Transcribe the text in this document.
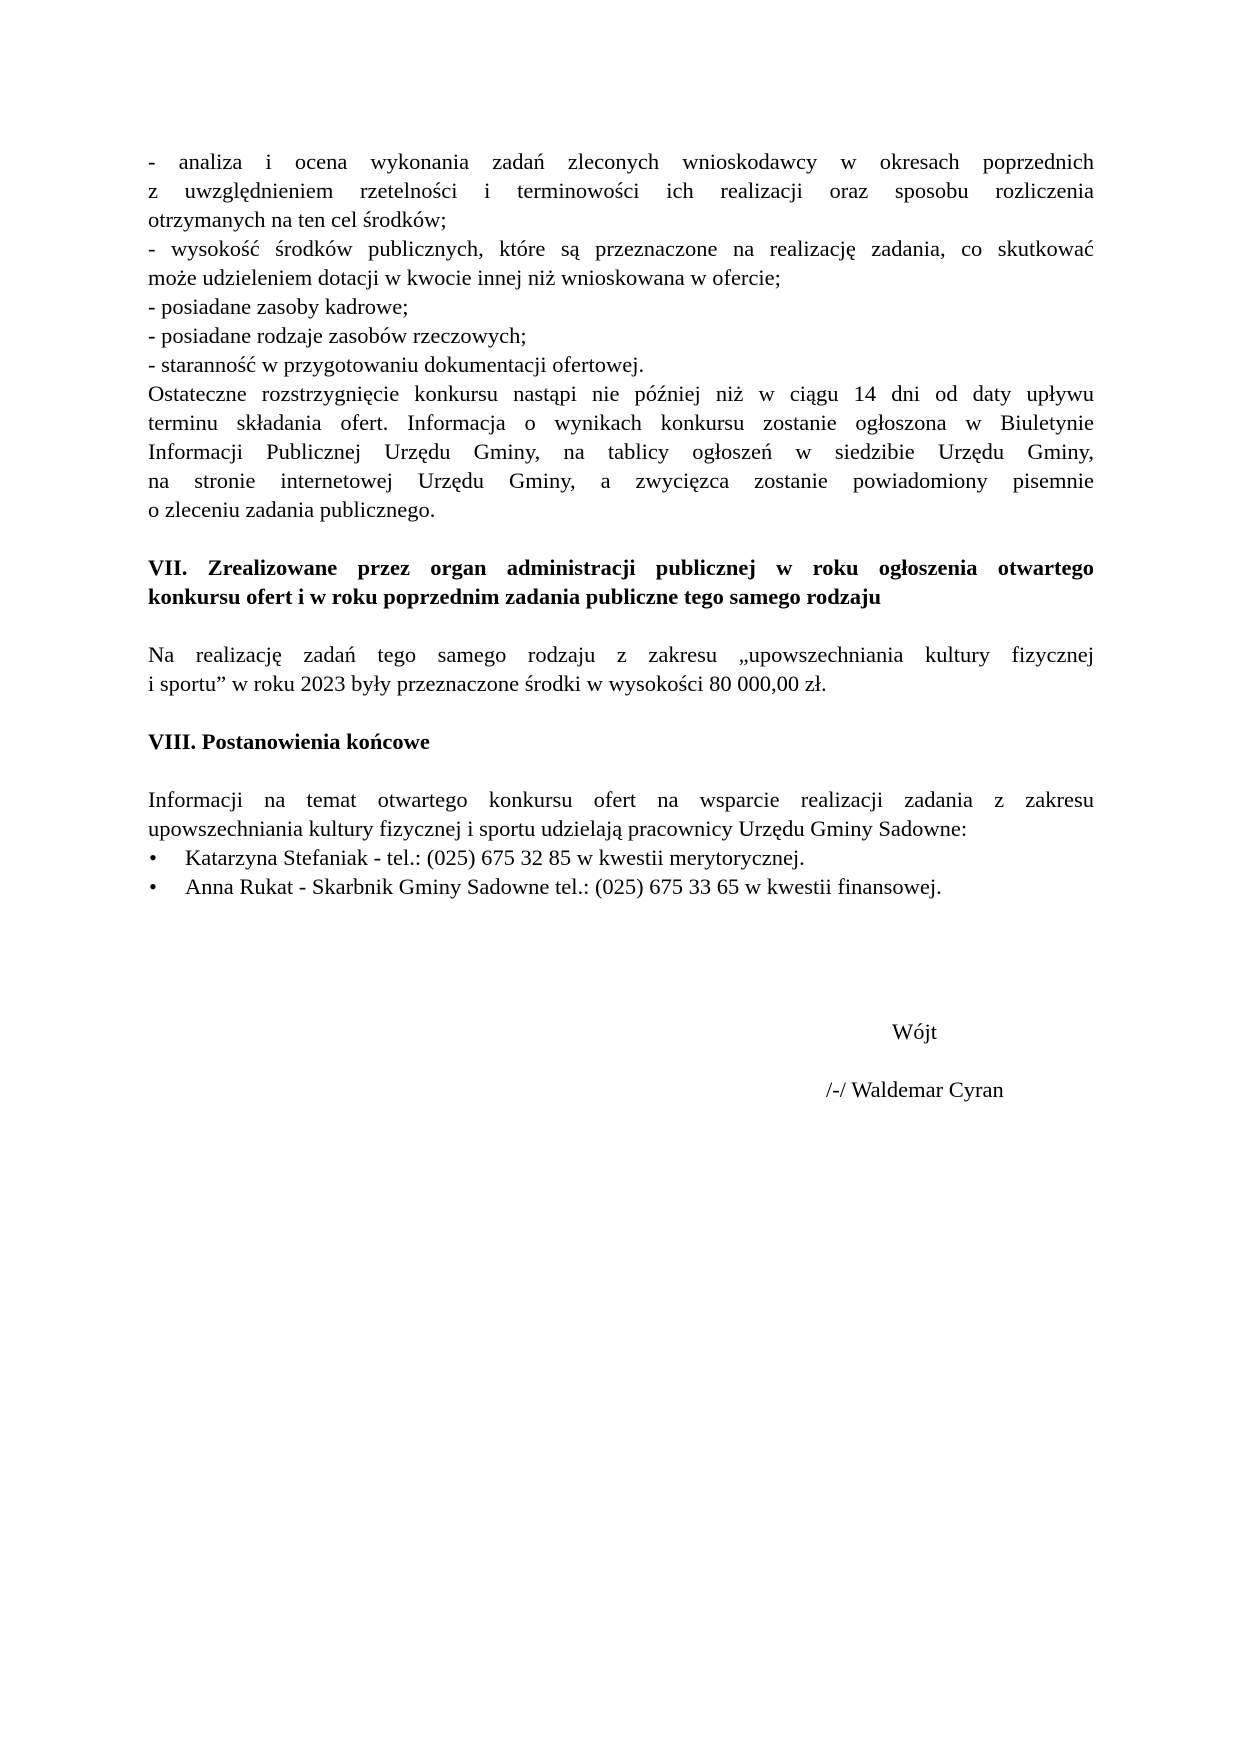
- analiza i ocena wykonania zadań zleconych wnioskodawcy w okresach poprzednich
z uwzględnieniem rzetelności i terminowości ich realizacji oraz sposobu rozliczenia
otrzymanych na ten cel środków;

- wysokość środków publicznych, które są przeznaczone na realizację zadania, co skutkować
może udzieleniem dotacji w kwocie innej niż wnioskowana w ofercie;

- posiadane zasoby kadrowe;

- posiadane rodzaje zasobów rzeczowych;

- staranność w przygotowaniu dokumentacji ofertowej.

Ostateczne rozstrzygnięcie konkursu nastąpi nie później niż w ciągu 14 dni od daty upływu
terminu składania ofert. Informacja o wynikach konkursu zostanie ogłoszona w Biuletynie
Informacji Publicznej Urzędu Gminy, na tablicy ogłoszeń w siedzibie Urzędu Gminy,
na stronie internetowej Urzędu Gminy, a zwycięzca zostanie powiadomiony pisemnie
o zleceniu zadania publicznego.

VII. Zrealizowane przez organ administracji publicznej w roku ogłoszenia otwartego
konkursu ofert i w roku poprzednim zadania publiczne tego samego rodzaju

Na realizację zadań tego samego rodzaju z zakresu „upowszechniania kultury fizycznej
i sportu” w roku 2023 były przeznaczone środki w wysokości 80 000,00 zł.

VIII. Postanowienia końcowe

Informacji na temat otwartego konkursu ofert na wsparcie realizacji zadania z zakresu
upowszechniania kultury fizycznej i sportu udzielają pracownicy Urzędu Gminy Sadowne:

• Katarzyna Stefaniak - tel.: (025) 675 32 85 w kwestii merytorycznej.
• Anna Rukat - Skarbnik Gminy Sadowne tel.: (025) 675 33 65 w kwestii finansowej.
Wójt
/-/ Waldemar Cyran
